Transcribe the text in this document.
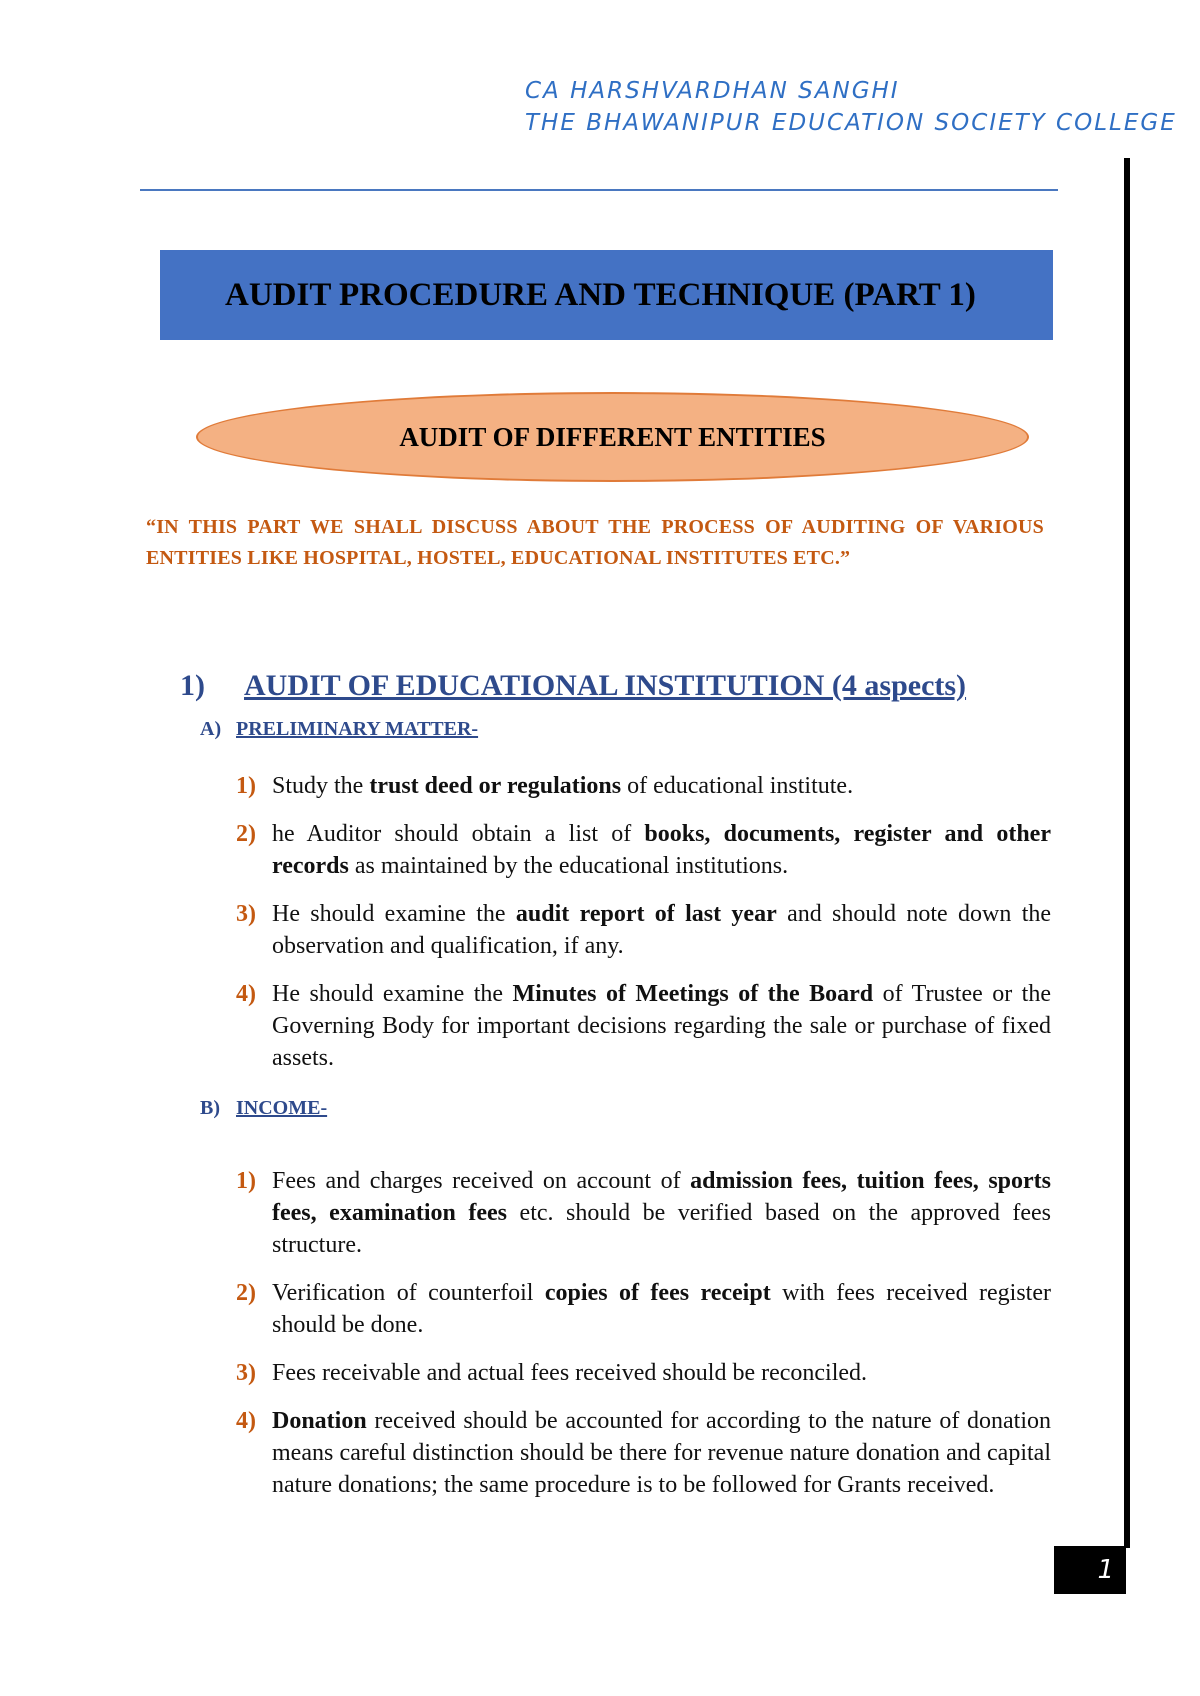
CA HARSHVARDHAN SANGHI
THE BHAWANIPUR EDUCATION SOCIETY COLLEGE
AUDIT PROCEDURE AND TECHNIQUE (PART 1)
AUDIT OF DIFFERENT ENTITIES
“IN THIS PART WE SHALL DISCUSS ABOUT THE PROCESS OF AUDITING OF VARIOUS ENTITIES LIKE HOSPITAL, HOSTEL, EDUCATIONAL INSTITUTES ETC.”
1) AUDIT OF EDUCATIONAL INSTITUTION (4 aspects)
A) PRELIMINARY MATTER-
1) Study the trust deed or regulations of educational institute.
2) he Auditor should obtain a list of books, documents, register and other records as maintained by the educational institutions.
3) He should examine the audit report of last year and should note down the observation and qualification, if any.
4) He should examine the Minutes of Meetings of the Board of Trustee or the Governing Body for important decisions regarding the sale or purchase of fixed assets.
B) INCOME-
1) Fees and charges received on account of admission fees, tuition fees, sports fees, examination fees etc. should be verified based on the approved fees structure.
2) Verification of counterfoil copies of fees receipt with fees received register should be done.
3) Fees receivable and actual fees received should be reconciled.
4) Donation received should be accounted for according to the nature of donation means careful distinction should be there for revenue nature donation and capital nature donations; the same procedure is to be followed for Grants received.
1
